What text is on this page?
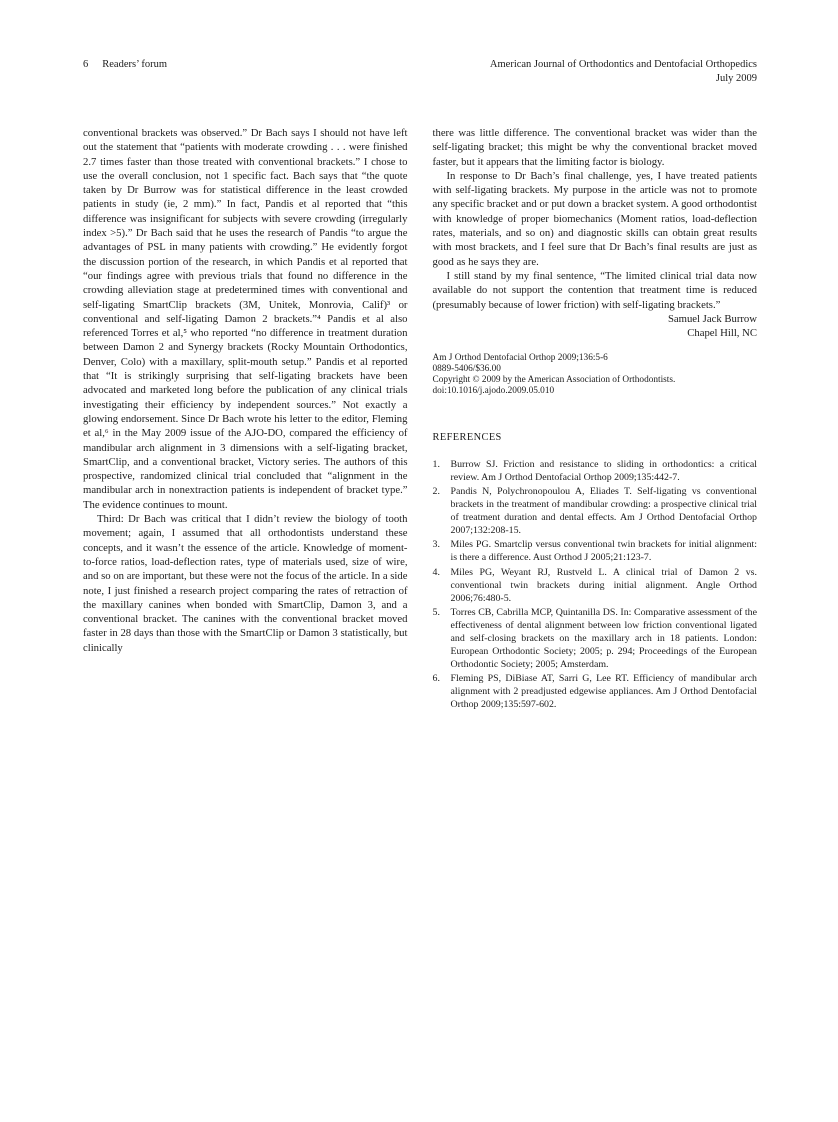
6 Readers’ forum	American Journal of Orthodontics and Dentofacial Orthopedics
July 2009

conventional brackets was observed.” Dr Bach says I should not have left out the statement that “patients with moderate crowding . . . were finished 2.7 times faster than those treated with conventional brackets.” I chose to use the overall conclusion, not 1 specific fact. Bach says that “the quote taken by Dr Burrow was for statistical difference in the least crowded patients in study (ie, 2 mm).” In fact, Pandis et al reported that “this difference was insignificant for subjects with severe crowding (irregularly index >5).” Dr Bach said that he uses the research of Pandis “to argue the advantages of PSL in many patients with crowding.” He evidently forgot the discussion portion of the research, in which Pandis et al reported that “our findings agree with previous trials that found no difference in the crowding alleviation stage at predetermined times with conventional and self-ligating SmartClip brackets (3M, Unitek, Monrovia, Calif)³ or conventional and self-ligating Damon 2 brackets.”⁴ Pandis et al also referenced Torres et al,⁵ who reported “no difference in treatment duration between Damon 2 and Synergy brackets (Rocky Mountain Orthodontics, Denver, Colo) with a maxillary, split-mouth setup.” Pandis et al reported that “It is strikingly surprising that self-ligating brackets have been advocated and marketed long before the publication of any clinical trials investigating their efficiency by independent sources.” Not exactly a glowing endorsement. Since Dr Bach wrote his letter to the editor, Fleming et al,⁶ in the May 2009 issue of the AJO-DO, compared the efficiency of mandibular arch alignment in 3 dimensions with a self-ligating bracket, SmartClip, and a conventional bracket, Victory series. The authors of this prospective, randomized clinical trial concluded that “alignment in the mandibular arch in nonextraction patients is independent of bracket type.” The evidence continues to mount.

Third: Dr Bach was critical that I didn’t review the biology of tooth movement; again, I assumed that all orthodontists understand these concepts, and it wasn’t the essence of the article. Knowledge of moment-to-force ratios, load-deflection rates, type of materials used, size of wire, and so on are important, but these were not the focus of the article. In a side note, I just finished a research project comparing the rates of retraction of the maxillary canines when bonded with SmartClip, Damon 3, and a conventional bracket. The canines with the conventional bracket moved faster in 28 days than those with the SmartClip or Damon 3 statistically, but clinically

there was little difference. The conventional bracket was wider than the self-ligating bracket; this might be why the conventional bracket moved faster, but it appears that the limiting factor is biology.

In response to Dr Bach’s final challenge, yes, I have treated patients with self-ligating brackets. My purpose in the article was not to promote any specific bracket and or put down a bracket system. A good orthodontist with knowledge of proper biomechanics (Moment ratios, load-deflection rates, materials, and so on) and diagnostic skills can obtain great results with most brackets, and I feel sure that Dr Bach’s final results are just as good as he says they are.

I still stand by my final sentence, “The limited clinical trial data now available do not support the contention that treatment time is reduced (presumably because of lower friction) with self-ligating brackets.”

Samuel Jack Burrow
Chapel Hill, NC
Am J Orthod Dentofacial Orthop 2009;136:5-6
0889-5406/$36.00
Copyright © 2009 by the American Association of Orthodontists.
doi:10.1016/j.ajodo.2009.05.010
REFERENCES
1.	Burrow SJ. Friction and resistance to sliding in orthodontics: a critical review. Am J Orthod Dentofacial Orthop 2009;135:442-7.
2.	Pandis N, Polychronopoulou A, Eliades T. Self-ligating vs conventional brackets in the treatment of mandibular crowding: a prospective clinical trial of treatment duration and dental effects. Am J Orthod Dentofacial Orthop 2007;132:208-15.
3.	Miles PG. Smartclip versus conventional twin brackets for initial alignment: is there a difference. Aust Orthod J 2005;21:123-7.
4.	Miles PG, Weyant RJ, Rustveld L. A clinical trial of Damon 2 vs. conventional twin brackets during initial alignment. Angle Orthod 2006;76:480-5.
5.	Torres CB, Cabrilla MCP, Quintanilla DS. In: Comparative assessment of the effectiveness of dental alignment between low friction conventional ligated and self-closing brackets on the maxillary arch in 18 patients. London: European Orthodontic Society; 2005; p. 294; Proceedings of the European Orthodontic Society; 2005; Amsterdam.
6.	Fleming PS, DiBiase AT, Sarri G, Lee RT. Efficiency of mandibular arch alignment with 2 preadjusted edgewise appliances. Am J Orthod Dentofacial Orthop 2009;135:597-602.
